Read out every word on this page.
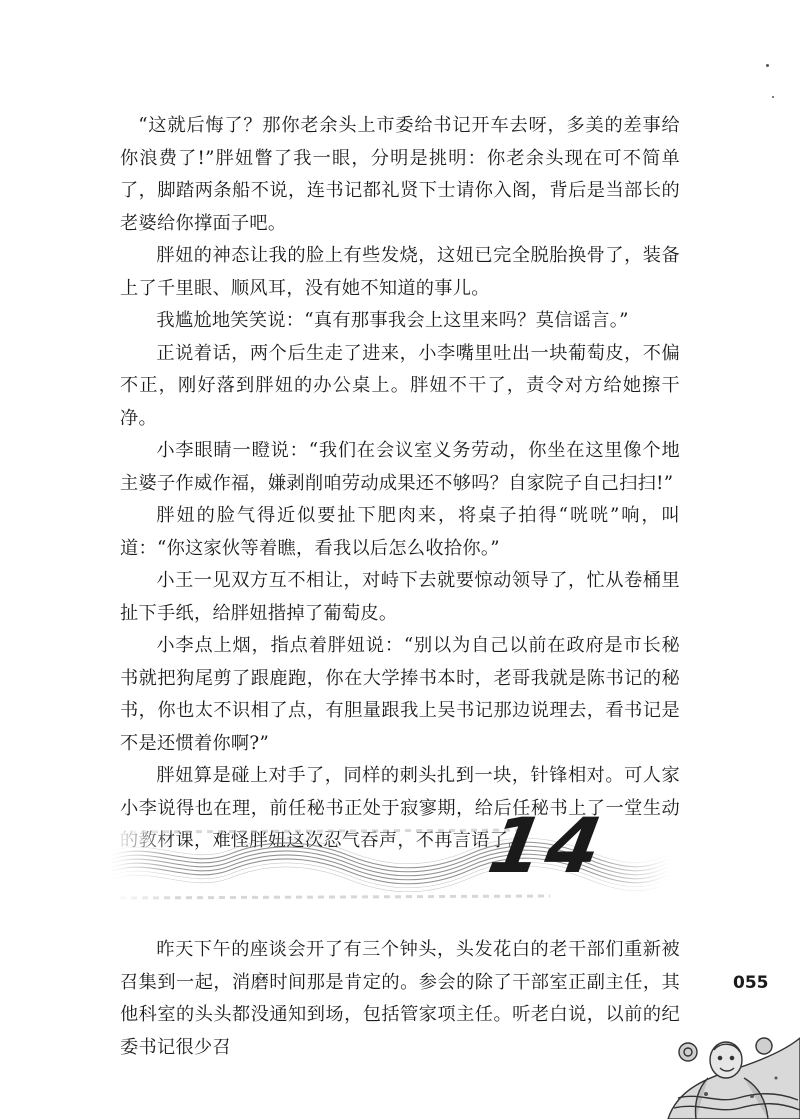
“这就后悔了？那你老余头上市委给书记开车去呀，多美的差事给你浪费了!”胖妞瞥了我一眼，分明是挑明：你老余头现在可不简单了，脚踏两条船不说，连书记都礼贤下士请你入阁，背后是当部长的老婆给你撑面子吧。

胖妞的神态让我的脸上有些发烧，这妞已完全脱胎换骨了，装备上了千里眼、顺风耳，没有她不知道的事儿。

我尴尬地笑笑说：“真有那事我会上这里来吗？莫信谣言。”

正说着话，两个后生走了进来，小李嘴里吐出一块葡萄皮，不偏不正，刚好落到胖妞的办公桌上。胖妞不干了，责令对方给她擦干净。

小李眼睛一瞪说：“我们在会议室义务劳动，你坐在这里像个地主婆子作威作福，嫌剥削咱劳动成果还不够吗？自家院子自己扫扫!”

胖妞的脸气得近似要扯下肥肉来，将桌子拍得“咣咣”响，叫道：“你这家伙等着瞧，看我以后怎么收拾你。”

小王一见双方互不相让，对峙下去就要惊动领导了，忙从卷桶里扯下手纸，给胖妞揩掉了葡萄皮。

小李点上烟，指点着胖妞说：“别以为自己以前在政府是市长秘书就把狗尾剪了跟鹿跑，你在大学捧书本时，老哥我就是陈书记的秘书，你也太不识相了点，有胆量跟我上吴书记那边说理去，看书记是不是还惯着你啊?”

胖妞算是碰上对手了，同样的刺头扎到一块，针锋相对。可人家小李说得也在理，前任秘书正处于寂寥期，给后任秘书上了一堂生动

14

昨天下午的座谈会开了有三个钟头，头发花白的老干部们重新被召集到一起，消磨时间那是肯定的。参会的除了干部室正副主任，其他科室的头头都没通知到场，包括管家项主任。听老白说，以前的纪委书记很少召

055
